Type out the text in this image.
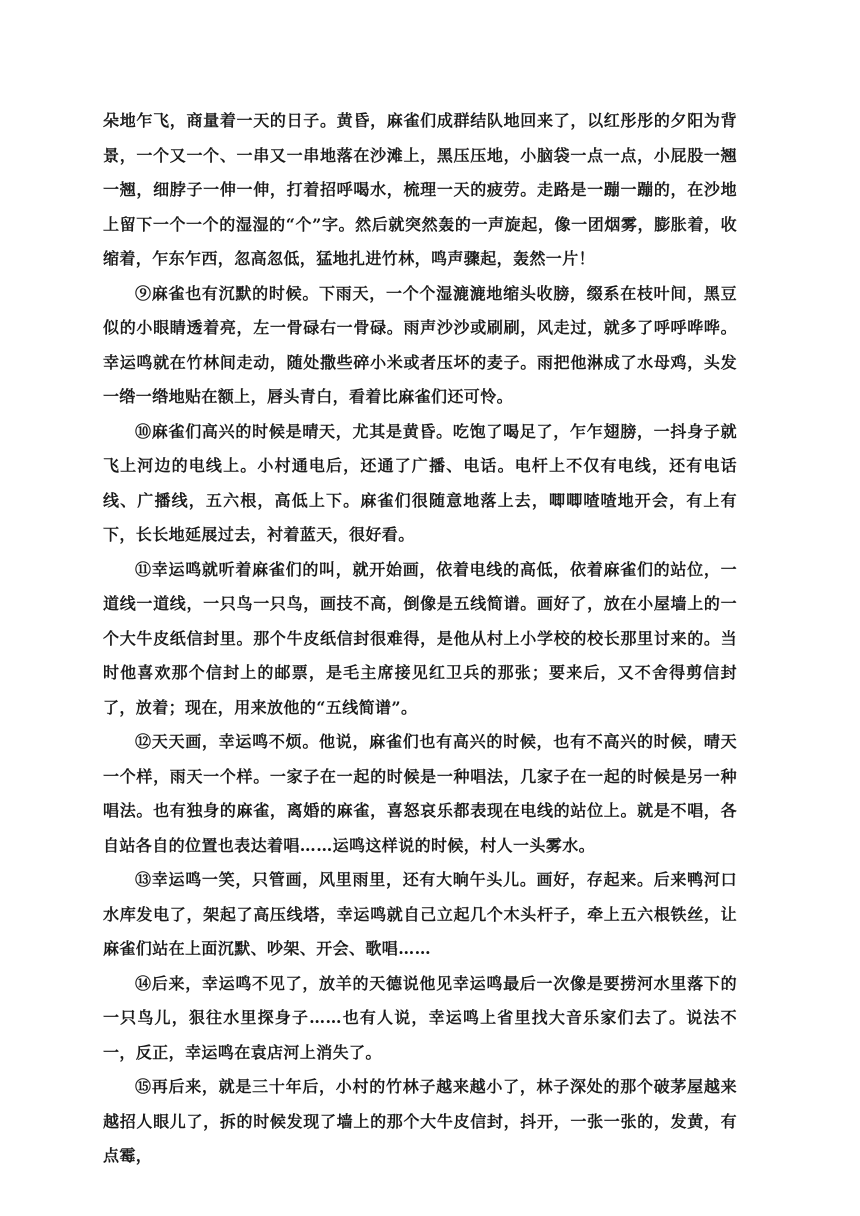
朵地乍飞，商量着一天的日子。黄昏，麻雀们成群结队地回来了，以红彤彤的夕阳为背景，一个又一个、一串又一串地落在沙滩上，黑压压地，小脑袋一点一点，小屁股一翘一翘，细脖子一伸一伸，打着招呼喝水，梳理一天的疲劳。走路是一蹦一蹦的，在沙地上留下一个一个的湿湿的“个”字。然后就突然轰的一声旋起，像一团烟雾，膨胀着，收缩着，乍东乍西，忽高忽低，猛地扎进竹林，鸣声骤起，轰然一片！

⑨麻雀也有沉默的时候。下雨天，一个个湿漉漉地缩头收膀，缀系在枝叶间，黑豆似的小眼睛透着亮，左一骨碌右一骨碌。雨声沙沙或刷刷，风走过，就多了呼呼哗哗。幸运鸣就在竹林间走动，随处撒些碎小米或者压坏的麦子。雨把他淋成了水母鸡，头发一绺一绺地贴在额上，唇头青白，看着比麻雀们还可怜。

⑩麻雀们高兴的时候是晴天，尤其是黄昏。吃饱了喝足了，乍乍翅膀，一抖身子就飞上河边的电线上。小村通电后，还通了广播、电话。电杆上不仅有电线，还有电话线、广播线，五六根，高低上下。麻雀们很随意地落上去，唧唧喳喳地开会，有上有下，长长地延展过去，衬着蓝天，很好看。

⑪幸运鸣就听着麻雀们的叫，就开始画，依着电线的高低，依着麻雀们的站位，一道线一道线，一只鸟一只鸟，画技不高，倒像是五线简谱。画好了，放在小屋墙上的一个大牛皮纸信封里。那个牛皮纸信封很难得，是他从村上小学校的校长那里讨来的。当时他喜欢那个信封上的邮票，是毛主席接见红卫兵的那张；要来后，又不舍得剪信封了，放着；现在，用来放他的“五线简谱”。

⑫天天画，幸运鸣不烦。他说，麻雀们也有高兴的时候，也有不高兴的时候，晴天一个样，雨天一个样。一家子在一起的时候是一种唱法，几家子在一起的时候是另一种唱法。也有独身的麻雀，离婚的麻雀，喜怒哀乐都表现在电线的站位上。就是不唱，各自站各自的位置也表达着唱……运鸣这样说的时候，村人一头雾水。

⑬幸运鸣一笑，只管画，风里雨里，还有大晌午头儿。画好，存起来。后来鸭河口水库发电了，架起了高压线塔，幸运鸣就自己立起几个木头杆子，牵上五六根铁丝，让麻雀们站在上面沉默、吵架、开会、歌唱……

⑭后来，幸运鸣不见了，放羊的天德说他见幸运鸣最后一次像是要捞河水里落下的一只鸟儿，狠往水里探身子……也有人说，幸运鸣上省里找大音乐家们去了。说法不一，反正，幸运鸣在袁店河上消失了。

⑮再后来，就是三十年后，小村的竹林子越来越小了，林子深处的那个破茅屋越来越招人眼儿了，拆的时候发现了墙上的那个大牛皮信封，抖开，一张一张的，发黄，有点霉，
